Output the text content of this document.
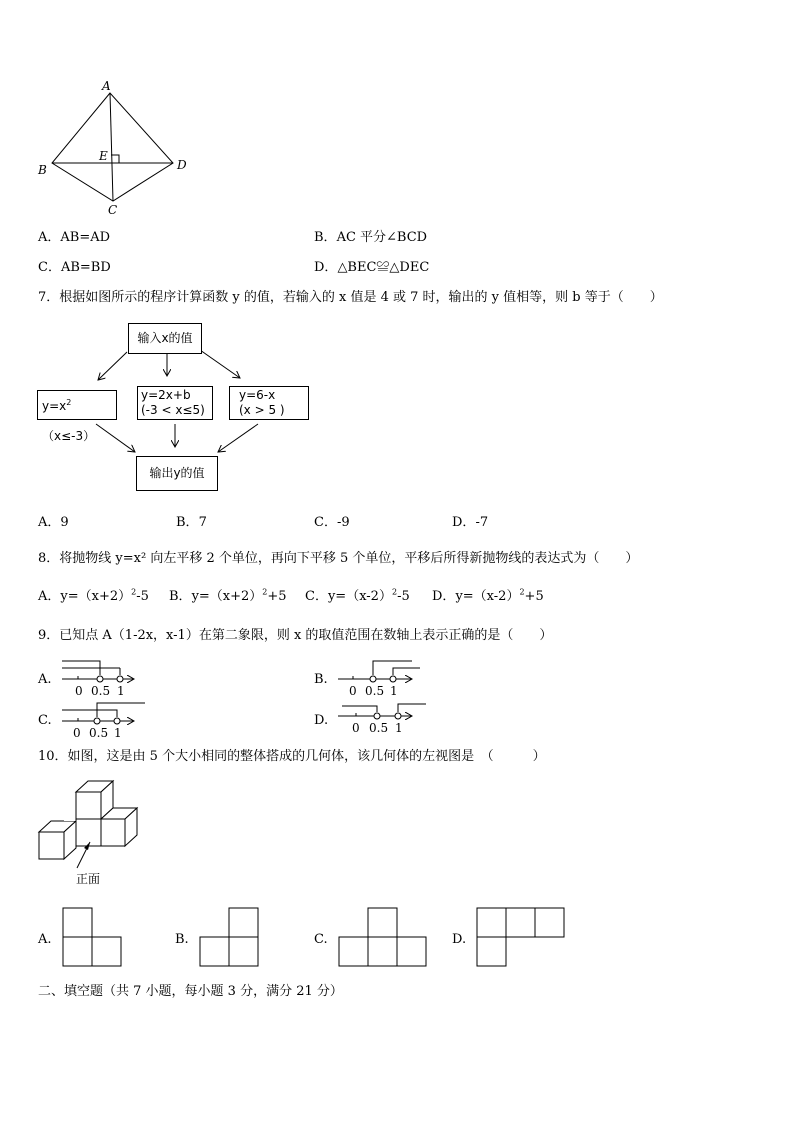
A
B
C
D
E
A．AB=AD	B．AC 平分∠BCD
C．AB=BD	D．△BEC≌△DEC
7．根据如图所示的程序计算函数 y 的值，若输入的 x 值是 4 或 7 时，输出的 y 值相等，则 b 等于（　　）
输入x的值
$y=x^2(x\le-3)$
y=2x+b
(-3 < x≤5)
y=6-x
(x > 5 )
输出y的值
A．9	B．7	C．-9	D．-7
8．将抛物线 y=x² 向左平移 2 个单位，再向下平移 5 个单位，平移后所得新抛物线的表达式为（　　）
A．$y=(x+2)^2-5$ B．$y=(x+2)^2+5$ C．$y=(x-2)^2-5$ D．$y=(x-2)^2+5$
9．已知点 A（1-2x，x-1）在第二象限，则 x 的取值范围在数轴上表示正确的是（　　）
A.
0 0.5 1
B.
0 0.5 1
C.
0 0.5 1
D. 0 0.5 1
10．如图，这是由 5 个大小相同的整体搭成的几何体，该几何体的左视图是　（　　　）
正面
A.	B.	C.	D.
二、填空题（共 7 小题，每小题 3 分，满分 21 分）
